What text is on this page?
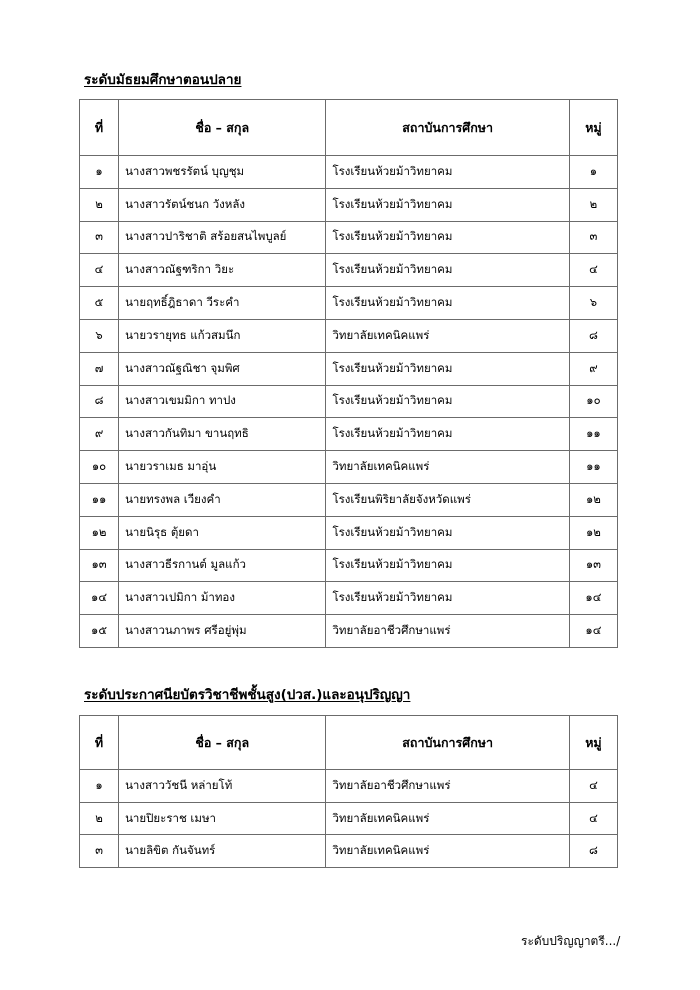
ระดับมัธยมศึกษาตอนปลาย
ที่	ชื่อ – สกุล	สถาบันการศึกษา	หมู่
๑	นางสาวพชรรัตน์ บุญชุม	โรงเรียนห้วยม้าวิทยาคม	๑
๒	นางสาวรัตน์ชนก วังหลัง	โรงเรียนห้วยม้าวิทยาคม	๒
๓	นางสาวปาริชาติ สร้อยสนไพบูลย์	โรงเรียนห้วยม้าวิทยาคม	๓
๔	นางสาวณัฐฑริกา วิยะ	โรงเรียนห้วยม้าวิทยาคม	๔
๕	นายฤทธิ์ฎิธาดา วีระคำ	โรงเรียนห้วยม้าวิทยาคม	๖
๖	นายวรายุทธ แก้วสมนึก	วิทยาลัยเทคนิคแพร่	๘
๗	นางสาวณัฐณิชา จุมพิศ	โรงเรียนห้วยม้าวิทยาคม	๙
๘	นางสาวเขมมิกา ทาปง	โรงเรียนห้วยม้าวิทยาคม	๑๐
๙	นางสาวกันทิมา ขานฤทธิ	โรงเรียนห้วยม้าวิทยาคม	๑๑
๑๐	นายวราเมธ มาอุ่น	วิทยาลัยเทคนิคแพร่	๑๑
๑๑	นายทรงพล เวียงคำ	โรงเรียนพิริยาลัยจังหวัดแพร่	๑๒
๑๒	นายนิรุธ ตุ้ยดา	โรงเรียนห้วยม้าวิทยาคม	๑๒
๑๓	นางสาวธีรกานต์ มูลแก้ว	โรงเรียนห้วยม้าวิทยาคม	๑๓
๑๔	นางสาวเปมิกา ม้าทอง	โรงเรียนห้วยม้าวิทยาคม	๑๔
๑๕	นางสาวนภาพร ศรีอยู่พุ่ม	วิทยาลัยอาชีวศึกษาแพร่	๑๔
ระดับประกาศนียบัตรวิชาชีพชั้นสูง(ปวส.)และอนุปริญญา
ที่	ชื่อ – สกุล	สถาบันการศึกษา	หมู่
๑	นางสาววัชนี หล่ายโท้	วิทยาลัยอาชีวศึกษาแพร่	๔
๒	นายปิยะราช เมษา	วิทยาลัยเทคนิคแพร่	๔
๓	นายลิขิต กันจันทร์	วิทยาลัยเทคนิคแพร่	๘
ระดับปริญญาตรี.../
